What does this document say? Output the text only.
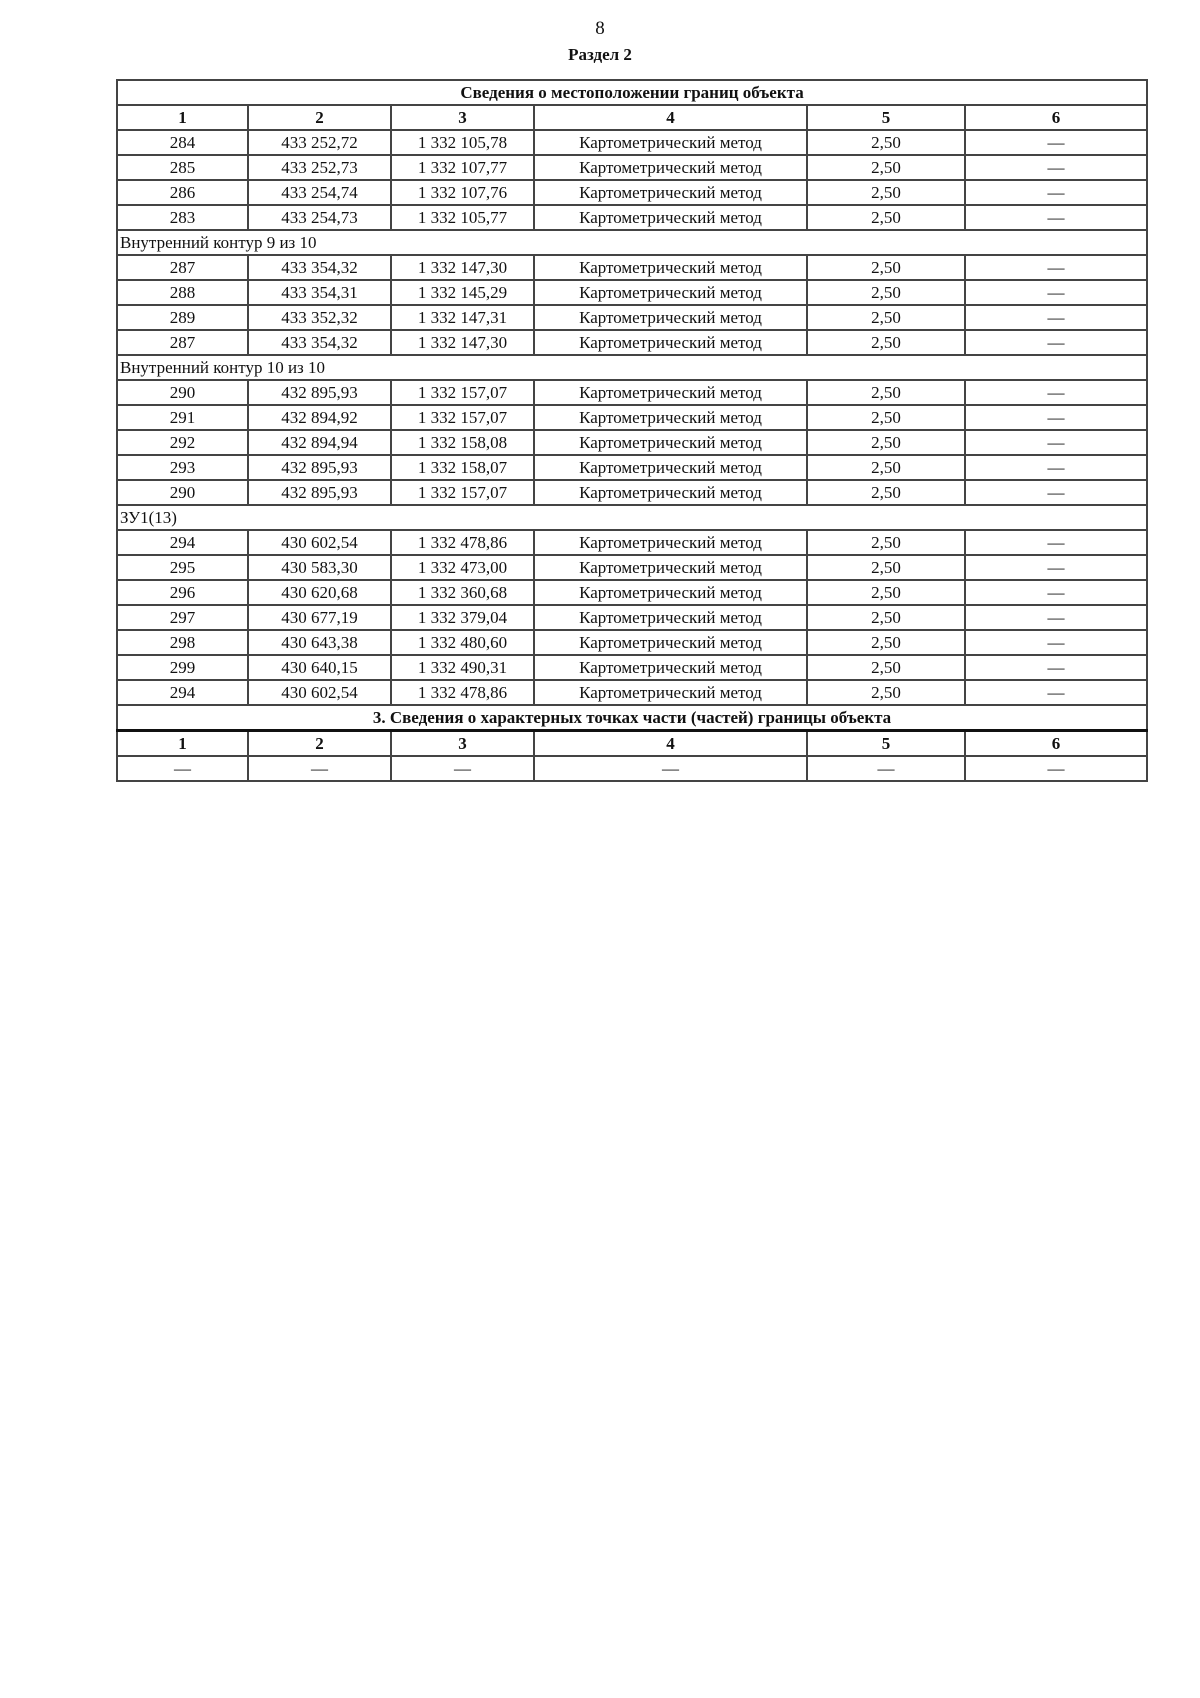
8
Раздел 2
Сведения о местоположении границ объекта					
1	2	3	4	5	6
284	433 252,72	1 332 105,78	Картометрический метод	2,50	—
285	433 252,73	1 332 107,77	Картометрический метод	2,50	—
286	433 254,74	1 332 107,76	Картометрический метод	2,50	—
283	433 254,73	1 332 105,77	Картометрический метод	2,50	—
Внутренний контур 9 из 10					
287	433 354,32	1 332 147,30	Картометрический метод	2,50	—
288	433 354,31	1 332 145,29	Картометрический метод	2,50	—
289	433 352,32	1 332 147,31	Картометрический метод	2,50	—
287	433 354,32	1 332 147,30	Картометрический метод	2,50	—
Внутренний контур 10 из 10					
290	432 895,93	1 332 157,07	Картометрический метод	2,50	—
291	432 894,92	1 332 157,07	Картометрический метод	2,50	—
292	432 894,94	1 332 158,08	Картометрический метод	2,50	—
293	432 895,93	1 332 158,07	Картометрический метод	2,50	—
290	432 895,93	1 332 157,07	Картометрический метод	2,50	—
ЗУ1(13)					
294	430 602,54	1 332 478,86	Картометрический метод	2,50	—
295	430 583,30	1 332 473,00	Картометрический метод	2,50	—
296	430 620,68	1 332 360,68	Картометрический метод	2,50	—
297	430 677,19	1 332 379,04	Картометрический метод	2,50	—
298	430 643,38	1 332 480,60	Картометрический метод	2,50	—
299	430 640,15	1 332 490,31	Картометрический метод	2,50	—
294	430 602,54	1 332 478,86	Картометрический метод	2,50	—
3. Сведения о характерных точках части (частей) границы объекта					
1	2	3	4	5	6
—	—	—	—	—	—
